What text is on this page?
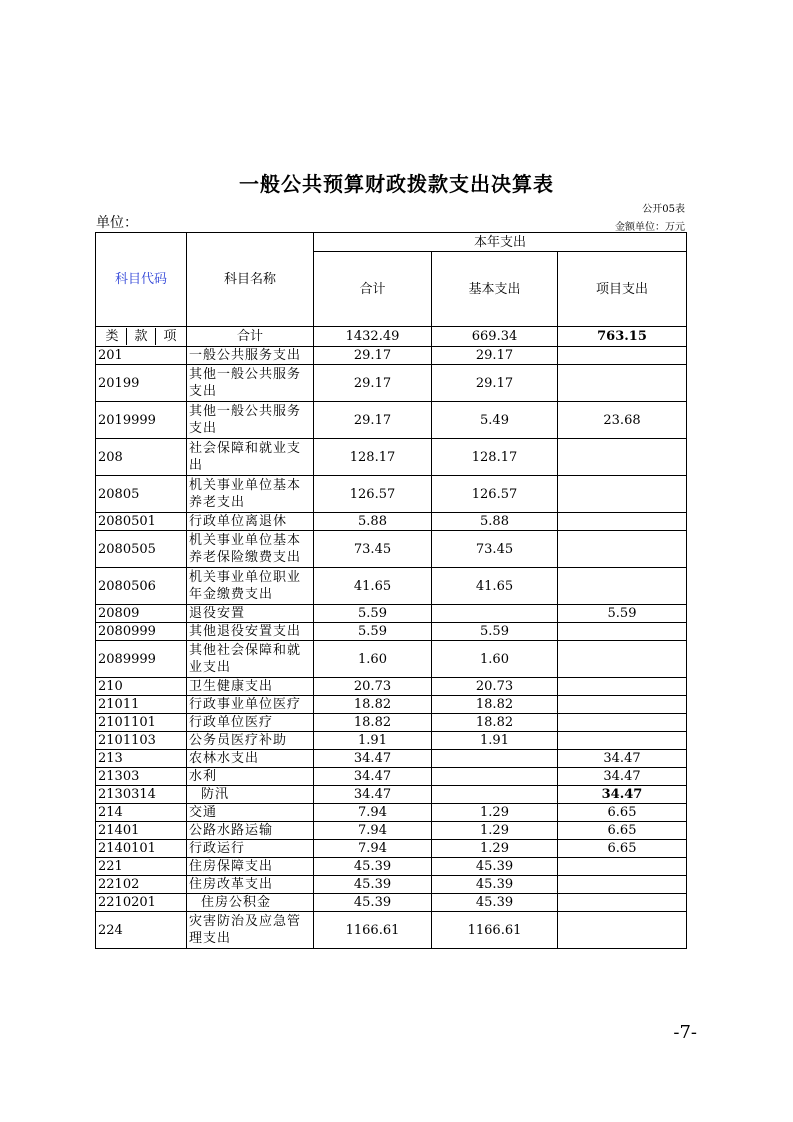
一般公共预算财政拨款支出决算表
公开05表
单位：	金额单位：万元
科目代码	科目名称	本年支出		
		合计	基本支出	项目支出

类 款 项	合计	1432.49	669.34	763.15
201	一般公共服务支出	29.17	29.17	
20199	其他一般公共服务支出	29.17	29.17	
2019999	其他一般公共服务支出	29.17	5.49	23.68
208	社会保障和就业支出	128.17	128.17	
20805	机关事业单位基本养老支出	126.57	126.57	
2080501	行政单位离退休	5.88	5.88	
2080505	机关事业单位基本养老保险缴费支出	73.45	73.45	
2080506	机关事业单位职业年金缴费支出	41.65	41.65	
20809	退役安置	5.59		5.59
2080999	其他退役安置支出	5.59	5.59	
2089999	其他社会保障和就业支出	1.60	1.60	
210	卫生健康支出	20.73	20.73	
21011	行政事业单位医疗	18.82	18.82	
2101101	行政单位医疗	18.82	18.82	
2101103	公务员医疗补助	1.91	1.91	
213	农林水支出	34.47		34.47
21303	水利	34.47		34.47
2130314	防汛	34.47		34.47
214	交通	7.94	1.29	6.65
21401	公路水路运输	7.94	1.29	6.65
2140101	行政运行	7.94	1.29	6.65
221	住房保障支出	45.39	45.39	
22102	住房改革支出	45.39	45.39	
2210201	住房公积金	45.39	45.39	
224	灾害防治及应急管理支出	1166.61	1166.61	
-7-
